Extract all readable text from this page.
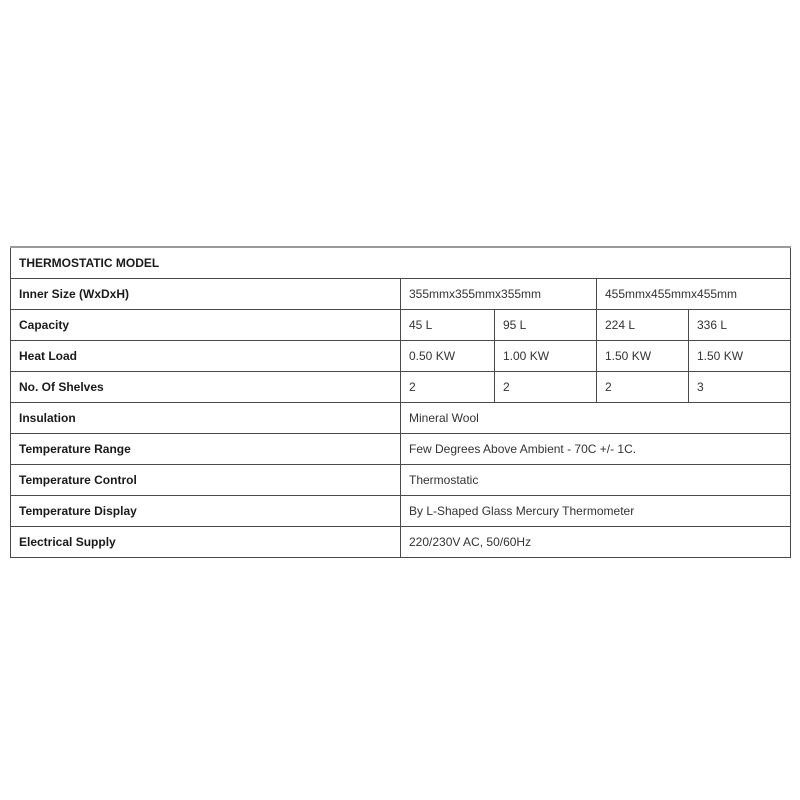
THERMOSTATIC MODEL				
Inner Size (WxDxH)	355mmx355mmx355mm		455mmx455mmx455mm	
Capacity	45 L	95 L	224 L	336 L
Heat Load	0.50 KW	1.00 KW	1.50 KW	1.50 KW
No. Of Shelves	2	2	2	3
Insulation	Mineral Wool			
Temperature Range	Few Degrees Above Ambient - 70C +/- 1C.			
Temperature Control	Thermostatic			
Temperature Display	By L-Shaped Glass Mercury Thermometer			
Electrical Supply	220/230V AC, 50/60Hz			
